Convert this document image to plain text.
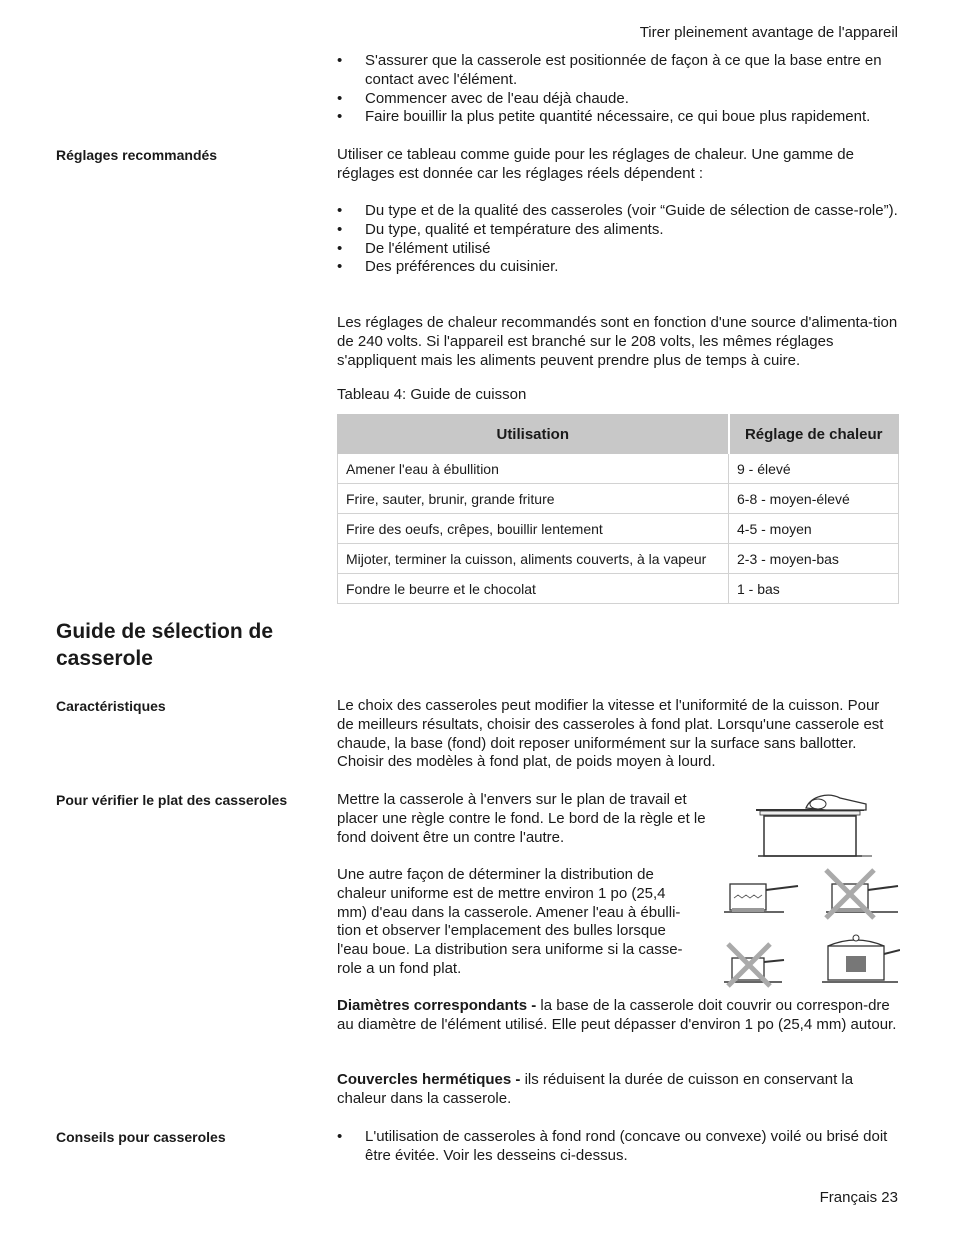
Tirer pleinement avantage de l'appareil
• S'assurer que la casserole est positionnée de façon à ce que la base entre en contact avec l'élément.
• Commencer avec de l'eau déjà chaude.
• Faire bouillir la plus petite quantité nécessaire, ce qui boue plus rapidement.
Réglages recommandés	Utiliser ce tableau comme guide pour les réglages de chaleur. Une gamme de réglages est donnée car les réglages réels dépendent :
• Du type et de la qualité des casseroles (voir “Guide de sélection de casse-role”).
• Du type, qualité et température des aliments.
• De l'élément utilisé
• Des préférences du cuisinier.
Les réglages de chaleur recommandés sont en fonction d'une source d'alimenta-tion de 240 volts. Si l'appareil est branché sur le 208 volts, les mêmes réglages s'appliquent mais les aliments peuvent prendre plus de temps à cuire.
Tableau 4: Guide de cuisson
Utilisation	Réglage de chaleur
Amener l'eau à ébullition	9 - élevé
Frire, sauter, brunir, grande friture	6-8 - moyen-élevé
Frire des oeufs, crêpes, bouillir lentement	4-5 - moyen
Mijoter, terminer la cuisson, aliments couverts, à la vapeur	2-3 - moyen-bas
Fondre le beurre et le chocolat	1 - bas
Guide de sélection de casserole
Caractéristiques	Le choix des casseroles peut modifier la vitesse et l'uniformité de la cuisson. Pour de meilleurs résultats, choisir des casseroles à fond plat. Lorsqu'une casserole est chaude, la base (fond) doit reposer uniformément sur la surface sans ballotter. Choisir des modèles à fond plat, de poids moyen à lourd.
Pour vérifier le plat des casseroles	Mettre la casserole à l'envers sur le plan de travail et placer une règle contre le fond. Le bord de la règle et le fond doivent être un contre l'autre.
Une autre façon de déterminer la distribution de chaleur uniforme est de mettre environ 1 po (25,4 mm) d'eau dans la casserole. Amener l'eau à ébulli-tion et observer l'emplacement des bulles lorsque l'eau boue. La distribution sera uniforme si la casse-role a un fond plat.
Diamètres correspondants - la base de la casserole doit couvrir ou correspon-dre au diamètre de l'élément utilisé. Elle peut dépasser d'environ 1 po (25,4 mm) autour.
Couvercles hermétiques - ils réduisent la durée de cuisson en conservant la chaleur dans la casserole.
Conseils pour casseroles	• L'utilisation de casseroles à fond rond (concave ou convexe) voilé ou brisé doit être évitée. Voir les desseins ci-dessus.
Français 23
